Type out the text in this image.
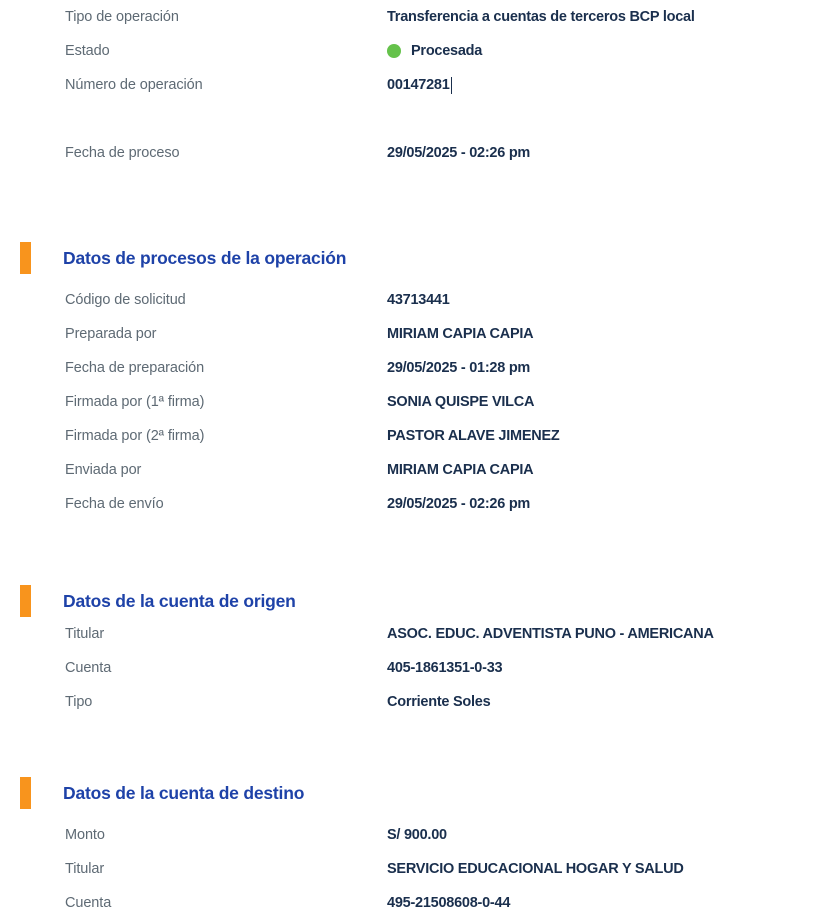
Tipo de operación	Transferencia a cuentas de terceros BCP local
Estado	Procesada
Número de operación	00147281
Fecha de proceso	29/05/2025 - 02:26 pm
Datos de procesos de la operación
Código de solicitud	43713441
Preparada por	MIRIAM CAPIA CAPIA
Fecha de preparación	29/05/2025 - 01:28 pm
Firmada por (1ª firma)	SONIA QUISPE VILCA
Firmada por (2ª firma)	PASTOR ALAVE JIMENEZ
Enviada por	MIRIAM CAPIA CAPIA
Fecha de envío	29/05/2025 - 02:26 pm
Datos de la cuenta de origen
Titular	ASOC. EDUC. ADVENTISTA PUNO - AMERICANA
Cuenta	405-1861351-0-33
Tipo	Corriente Soles
Datos de la cuenta de destino
Monto	S/ 900.00
Titular	SERVICIO EDUCACIONAL HOGAR Y SALUD
Cuenta	495-21508608-0-44
